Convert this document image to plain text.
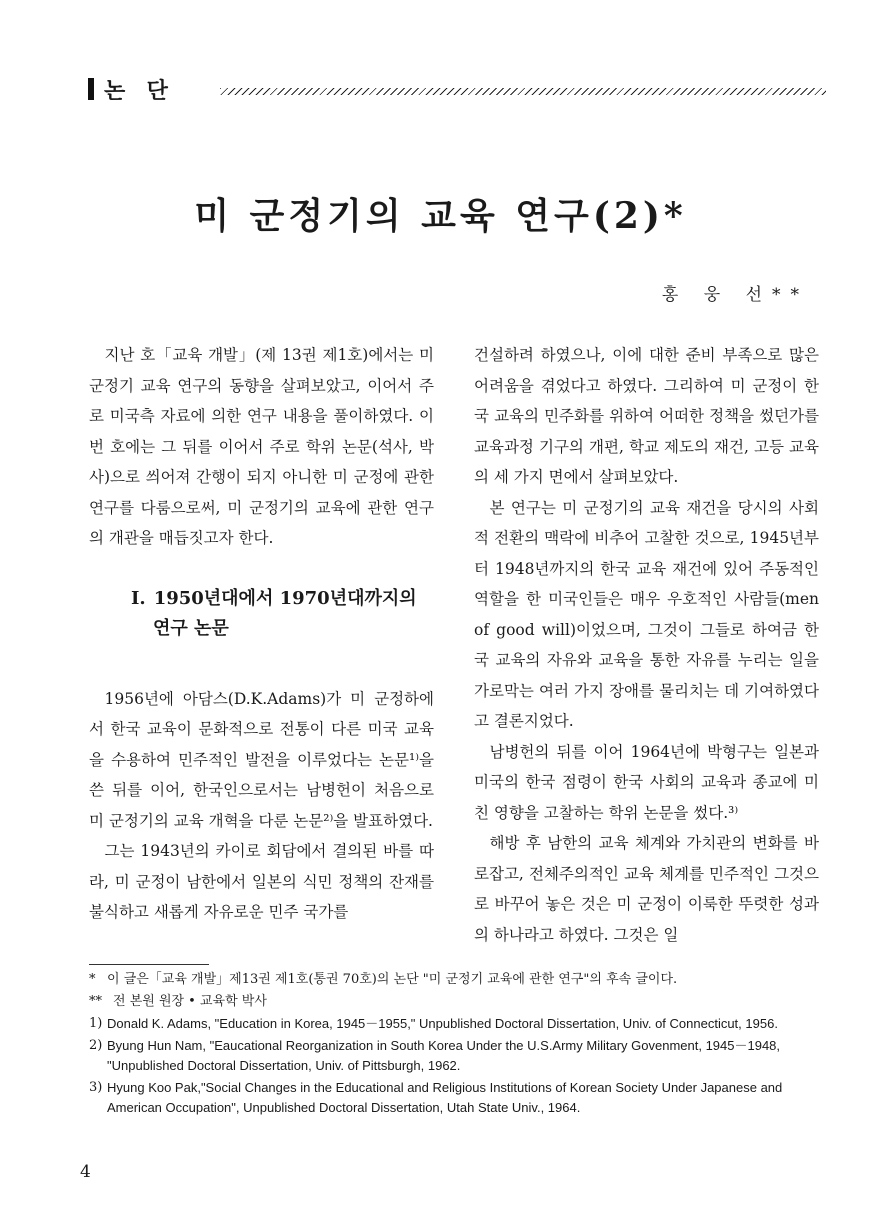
논  단
미 군정기의 교육 연구(2)*
홍 웅 선**

지난 호「교육 개발」(제 13권 제1호)에서는 미 군정기 교육 연구의 동향을 살펴보았고, 이어서 주로 미국측 자료에 의한 연구 내용을 풀이하였다. 이번 호에는 그 뒤를 이어서 주로 학위 논문(석사, 박사)으로 씌어져 간행이 되지 아니한 미 군정에 관한 연구를 다룸으로써, 미 군정기의 교육에 관한 연구의 개관을 매듭짓고자 한다.

I. 1950년대에서 1970년대까지의
연구 논문

1956년에 아담스(D.K.Adams)가 미 군정하에서 한국 교육이 문화적으로 전통이 다른 미국 교육을 수용하여 민주적인 발전을 이루었다는 논문¹⁾을 쓴 뒤를 이어, 한국인으로서는 남병헌이 처음으로 미 군정기의 교육 개혁을 다룬 논문²⁾을 발표하였다.

그는 1943년의 카이로 회담에서 결의된 바를 따라, 미 군정이 남한에서 일본의 식민 정책의 잔재를 불식하고 새롭게 자유로운 민주 국가를

건설하려 하였으나, 이에 대한 준비 부족으로 많은 어려움을 겪었다고 하였다. 그리하여 미 군정이 한국 교육의 민주화를 위하여 어떠한 정책을 썼던가를 교육과정 기구의 개편, 학교 제도의 재건, 고등 교육의 세 가지 면에서 살펴보았다.

본 연구는 미 군정기의 교육 재건을 당시의 사회적 전환의 맥락에 비추어 고찰한 것으로, 1945년부터 1948년까지의 한국 교육 재건에 있어 주동적인 역할을 한 미국인들은 매우 우호적인 사람들(men of good will)이었으며, 그것이 그들로 하여금 한국 교육의 자유와 교육을 통한 자유를 누리는 일을 가로막는 여러 가지 장애를 물리치는 데 기여하였다고 결론지었다.

남병헌의 뒤를 이어 1964년에 박형구는 일본과 미국의 한국 점령이 한국 사회의 교육과 종교에 미친 영향을 고찰하는 학위 논문을 썼다.³⁾

해방 후 남한의 교육 체계와 가치관의 변화를 바로잡고, 전체주의적인 교육 체계를 민주적인 그것으로 바꾸어 놓은 것은 미 군정이 이룩한 뚜렷한 성과의 하나라고 하였다. 그것은 일

* 이 글은「교육 개발」제13권 제1호(통권 70호)의 논단 "미 군정기 교육에 관한 연구"의 후속 글이다.
** 전 본원 원장 • 교육학 박사
1) Donald K. Adams, "Education in Korea, 1945－1955," Unpublished Doctoral Dissertation, Univ. of Connecticut, 1956.
2) Byung Hun Nam, "Eaucational Reorganization in South Korea Under the U.S.Army Military Govenment, 1945－1948, "Unpublished Doctoral Dissertation, Univ. of Pittsburgh, 1962.
3) Hyung Koo Pak,"Social Changes in the Educational and Religious Institutions of Korean Society Under Japanese and American Occupation", Unpublished Doctoral Dissertation, Utah State Univ., 1964.
4
